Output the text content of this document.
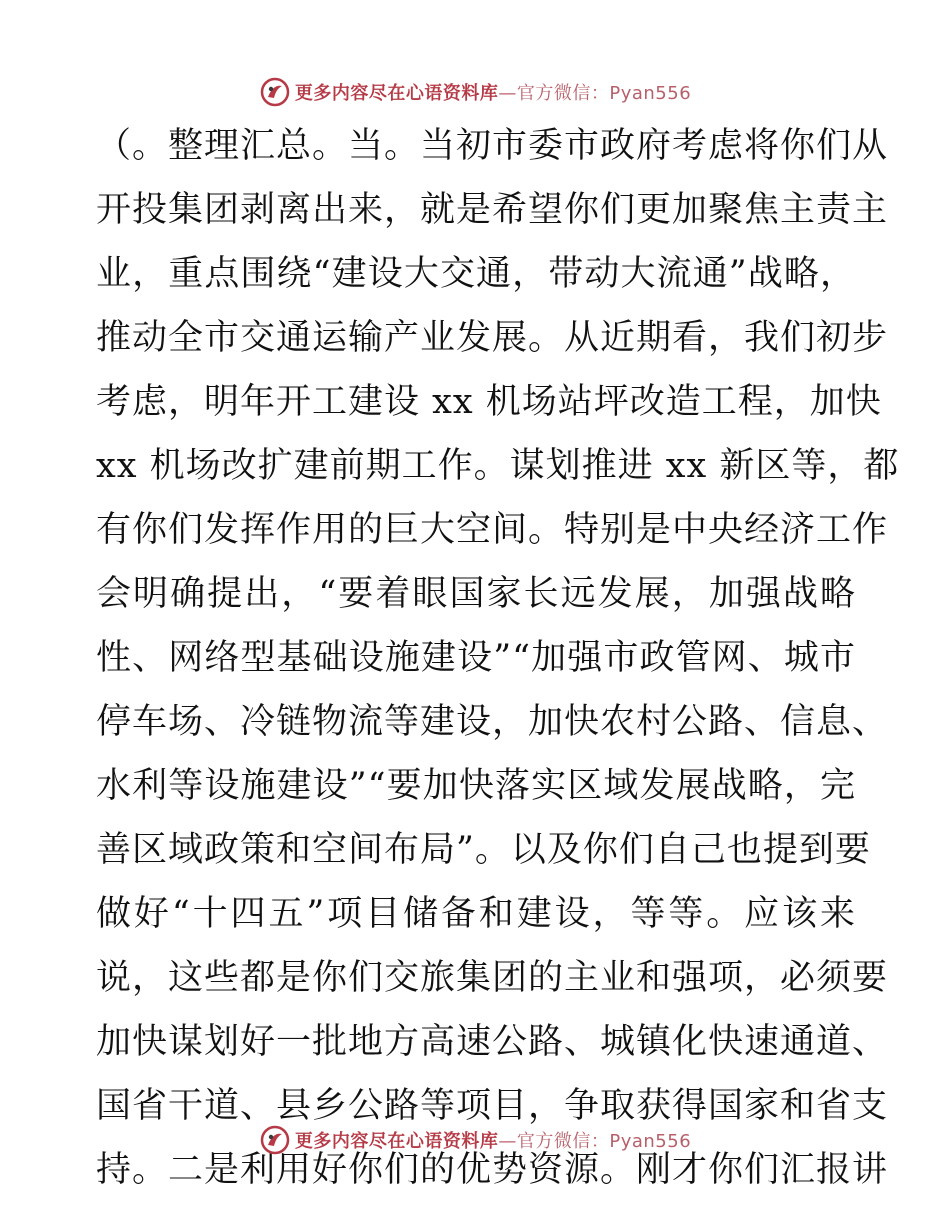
更多内容尽在心语资料库—官方微信：Pyan556
（。整理汇总。当。当初市委市政府考虑将你们从
开投集团剥离出来，就是希望你们更加聚焦主责主
业，重点围绕“建设大交通，带动大流通”战略，
推动全市交通运输产业发展。从近期看，我们初步
考虑，明年开工建设 xx 机场站坪改造工程，加快
xx 机场改扩建前期工作。谋划推进 xx 新区等，都
有你们发挥作用的巨大空间。特别是中央经济工作
会明确提出，“要着眼国家长远发展，加强战略
性、网络型基础设施建设”“加强市政管网、城市
停车场、冷链物流等建设，加快农村公路、信息、
水利等设施建设”“要加快落实区域发展战略，完
善区域政策和空间布局”。以及你们自己也提到要
做好“十四五”项目储备和建设，等等。应该来
说，这些都是你们交旅集团的主业和强项，必须要
加快谋划好一批地方高速公路、城镇化快速通道、
国省干道、县乡公路等项目，争取获得国家和省支
持。二是利用好你们的优势资源。刚才你们汇报讲
更多内容尽在心语资料库—官方微信：Pyan556
